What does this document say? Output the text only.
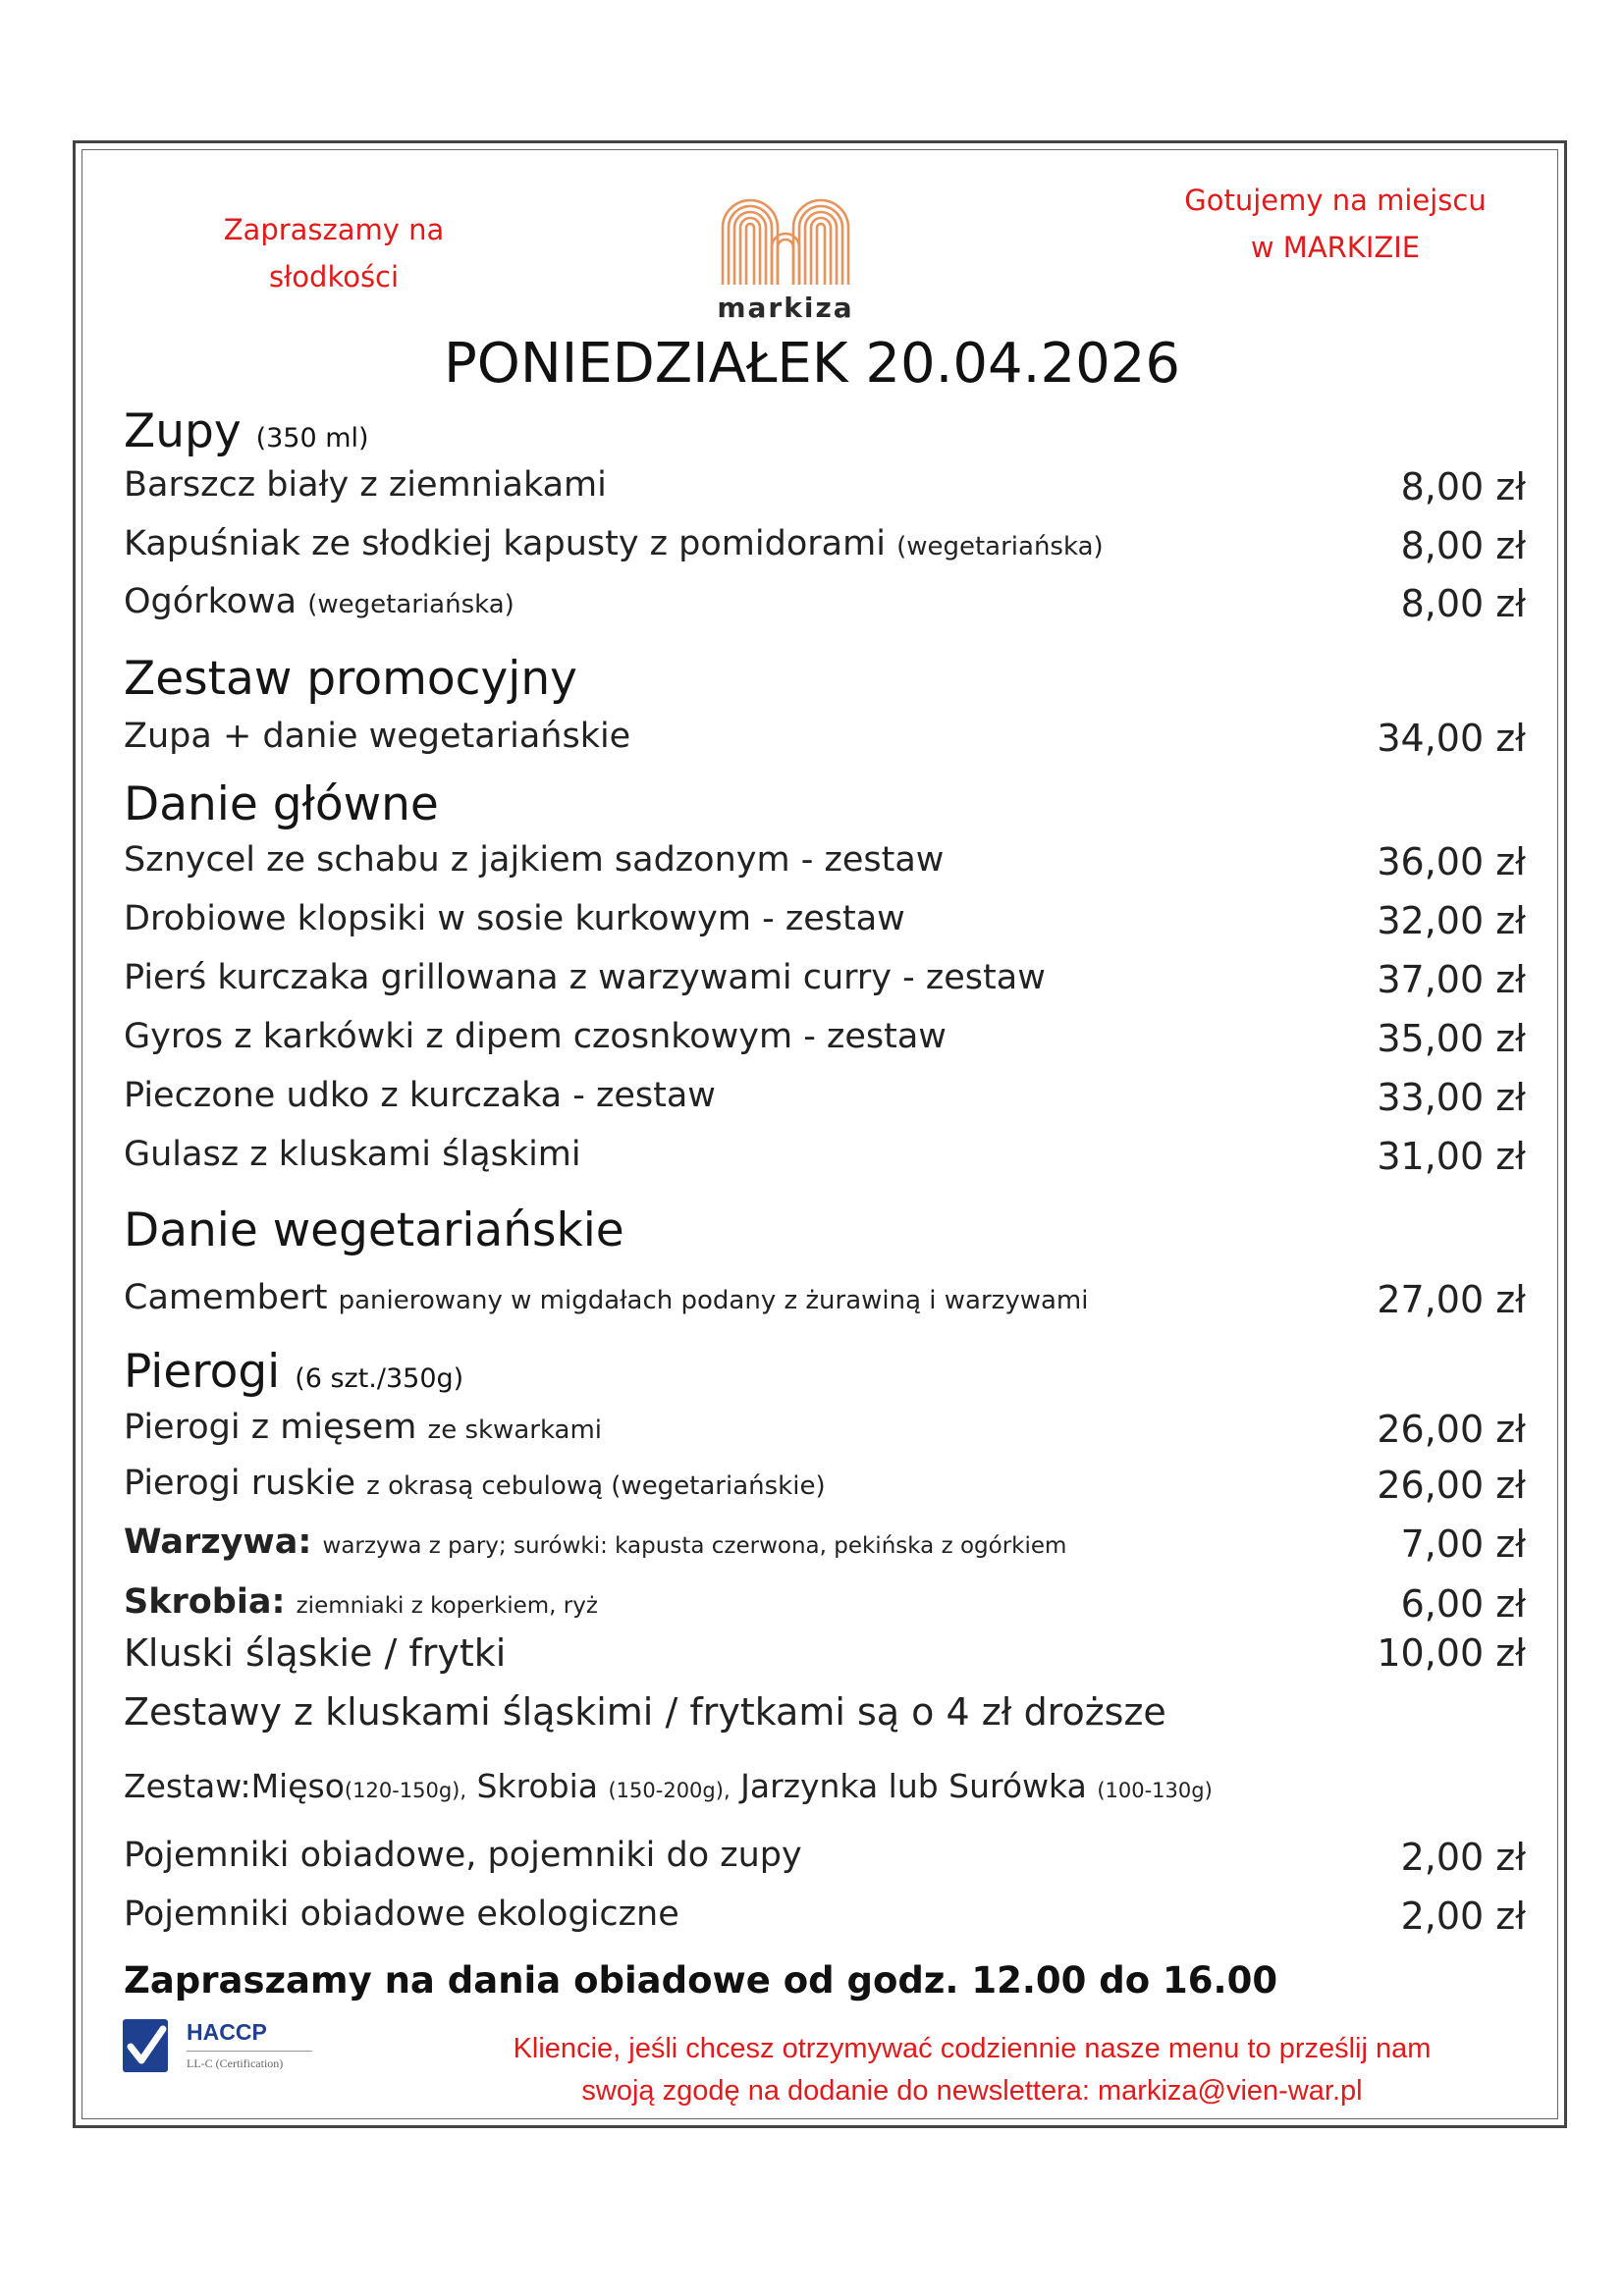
Zapraszamy na
słodkości
Gotujemy na miejscu
w MARKIZIE
markiza
PONIEDZIAŁEK 20.04.2026
Zupy (350 ml)
Barszcz biały z ziemniakami	8,00 zł
Kapuśniak ze słodkiej kapusty z pomidorami (wegetariańska)	8,00 zł
Ogórkowa (wegetariańska)	8,00 zł
Zestaw promocyjny
Zupa + danie wegetariańskie	34,00 zł
Danie główne
Sznycel ze schabu z jajkiem sadzonym - zestaw	36,00 zł
Drobiowe klopsiki w sosie kurkowym - zestaw	32,00 zł
Pierś kurczaka grillowana z warzywami curry - zestaw	37,00 zł
Gyros z karkówki z dipem czosnkowym - zestaw	35,00 zł
Pieczone udko z kurczaka - zestaw	33,00 zł
Gulasz z kluskami śląskimi	31,00 zł
Danie wegetariańskie
Camembert panierowany w migdałach podany z żurawiną i warzywami	27,00 zł
Pierogi (6 szt./350g)
Pierogi z mięsem ze skwarkami	26,00 zł
Pierogi ruskie z okrasą cebulową (wegetariańskie)	26,00 zł
Warzywa: warzywa z pary; surówki: kapusta czerwona, pekińska z ogórkiem	7,00 zł
Skrobia: ziemniaki z koperkiem, ryż	6,00 zł
Kluski śląskie / frytki	10,00 zł
Zestawy z kluskami śląskimi / frytkami są o 4 zł droższe
Zestaw:Mięso(120-150g), Skrobia (150-200g), Jarzynka lub Surówka (100-130g)
Pojemniki obiadowe, pojemniki do zupy	2,00 zł
Pojemniki obiadowe ekologiczne	2,00 zł
Zapraszamy na dania obiadowe od godz. 12.00 do 16.00
HACCP
LL-C (Certification)	Kliencie, jeśli chcesz otrzymywać codziennie nasze menu to prześlij nam
swoją zgodę na dodanie do newslettera: markiza@vien-war.pl
